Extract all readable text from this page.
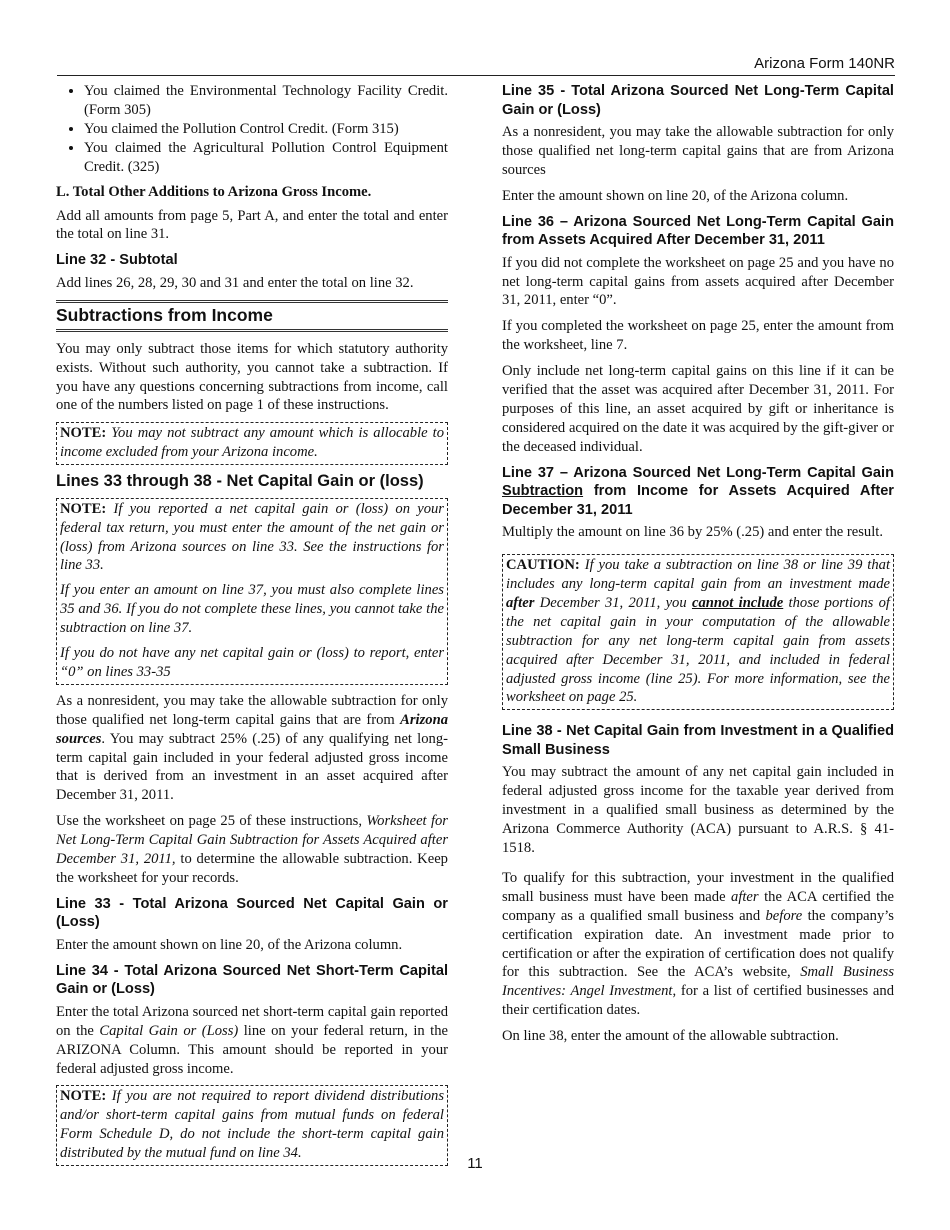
Arizona Form 140NR
• You claimed the Environmental Technology Facility Credit. (Form 305)
• You claimed the Pollution Control Credit. (Form 315)
• You claimed the Agricultural Pollution Control Equipment Credit. (325)
L. Total Other Additions to Arizona Gross Income.

Add all amounts from page 5, Part A, and enter the total and enter the total on line 31.

Line 32 - Subtotal

Add lines 26, 28, 29, 30 and 31 and enter the total on line 32.

Subtractions from Income

You may only subtract those items for which statutory authority exists. Without such authority, you cannot take a subtraction. If you have any questions concerning subtractions from income, call one of the numbers listed on page 1 of these instructions.

NOTE: You may not subtract any amount which is allocable to income excluded from your Arizona income.

Lines 33 through 38 - Net Capital Gain or (loss)

NOTE: If you reported a net capital gain or (loss) on your federal tax return, you must enter the amount of the net gain or (loss) from Arizona sources on line 33. See the instructions for line 33.

If you enter an amount on line 37, you must also complete lines 35 and 36. If you do not complete these lines, you cannot take the subtraction on line 37.

If you do not have any net capital gain or (loss) to report, enter “0” on lines 33-35

As a nonresident, you may take the allowable subtraction for only those qualified net long-term capital gains that are from Arizona sources. You may subtract 25% (.25) of any qualifying net long-term capital gain included in your federal adjusted gross income that is derived from an investment in an asset acquired after December 31, 2011.

Use the worksheet on page 25 of these instructions, Worksheet for Net Long-Term Capital Gain Subtraction for Assets Acquired after December 31, 2011, to determine the allowable subtraction. Keep the worksheet for your records.

Line 33 - Total Arizona Sourced Net Capital Gain or (Loss)

Enter the amount shown on line 20, of the Arizona column.

Line 34 - Total Arizona Sourced Net Short-Term Capital Gain or (Loss)

Enter the total Arizona sourced net short-term capital gain reported on the Capital Gain or (Loss) line on your federal return, in the ARIZONA Column. This amount should be reported in your federal adjusted gross income.

NOTE: If you are not required to report dividend distributions and/or short-term capital gains from mutual funds on federal Form Schedule D, do not include the short-term capital gain distributed by the mutual fund on line 34.

Line 35 - Total Arizona Sourced Net Long-Term Capital Gain or (Loss)

As a nonresident, you may take the allowable subtraction for only those qualified net long-term capital gains that are from Arizona sources

Enter the amount shown on line 20, of the Arizona column.

Line 36 – Arizona Sourced Net Long-Term Capital Gain from Assets Acquired After December 31, 2011

If you did not complete the worksheet on page 25 and you have no net long-term capital gains from assets acquired after December 31, 2011, enter “0”.

If you completed the worksheet on page 25, enter the amount from the worksheet, line 7.

Only include net long-term capital gains on this line if it can be verified that the asset was acquired after December 31, 2011. For purposes of this line, an asset acquired by gift or inheritance is considered acquired on the date it was acquired by the gift-giver or the deceased individual.

Line 37 – Arizona Sourced Net Long-Term Capital Gain Subtraction from Income for Assets Acquired After December 31, 2011

Multiply the amount on line 36 by 25% (.25) and enter the result.

CAUTION: If you take a subtraction on line 38 or line 39 that includes any long-term capital gain from an investment made after December 31, 2011, you cannot include those portions of the net capital gain in your computation of the allowable subtraction for any net long-term capital gain from assets acquired after December 31, 2011, and included in federal adjusted gross income (line 25). For more information, see the worksheet on page 25.

Line 38 - Net Capital Gain from Investment in a Qualified Small Business

You may subtract the amount of any net capital gain included in federal adjusted gross income for the taxable year derived from investment in a qualified small business as determined by the Arizona Commerce Authority (ACA) pursuant to A.R.S. § 41-1518.

To qualify for this subtraction, your investment in the qualified small business must have been made after the ACA certified the company as a qualified small business and before the company’s certification expiration date. An investment made prior to certification or after the expiration of certification does not qualify for this subtraction. See the ACA’s website, Small Business Incentives: Angel Investment, for a list of certified businesses and their certification dates.

On line 38, enter the amount of the allowable subtraction.

11
